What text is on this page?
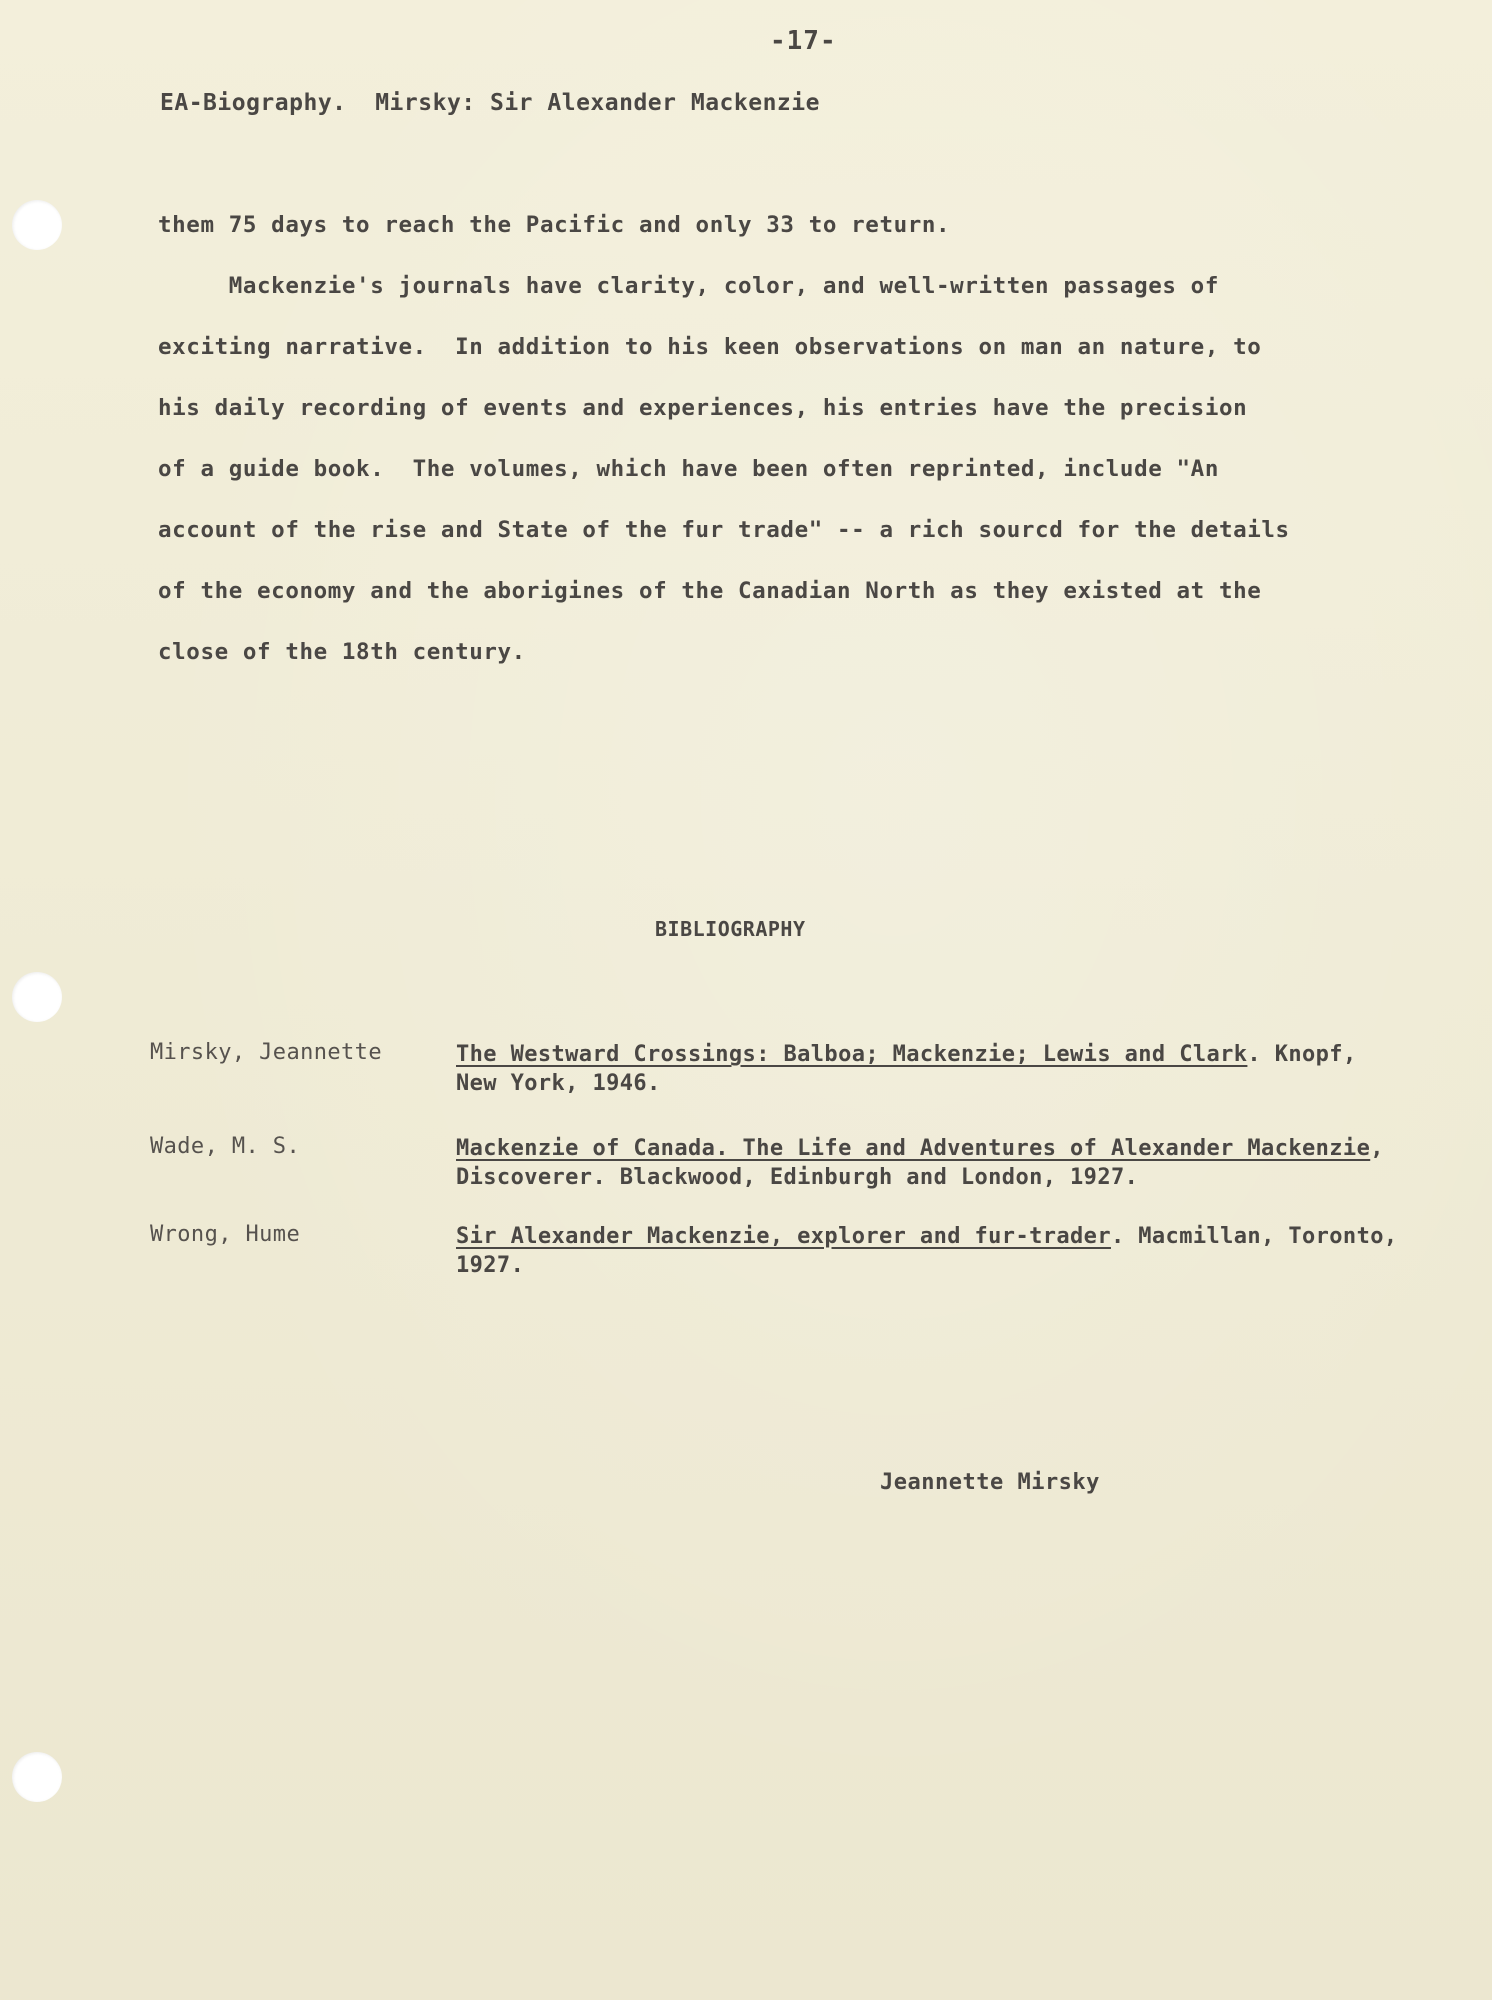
-17-
EA-Biography.  Mirsky: Sir Alexander Mackenzie
them 75 days to reach the Pacific and only 33 to return.
Mackenzie's journals have clarity, color, and well-written passages of
exciting narrative.  In addition to his keen observations on man an nature, to
his daily recording of events and experiences, his entries have the precision
of a guide book.  The volumes, which have been often reprinted, include "An
account of the rise and State of the fur trade" -- a rich sourcd for the details
of the economy and the aborigines of the Canadian North as they existed at the
close of the 18th century.
BIBLIOGRAPHY
Mirsky, Jeannette	The Westward Crossings: Balboa; Mackenzie; Lewis and Clark. Knopf, New York, 1946.
Wade, M. S.	Mackenzie of Canada. The Life and Adventures of Alexander Mackenzie, Discoverer. Blackwood, Edinburgh and London, 1927.
Wrong, Hume	Sir Alexander Mackenzie, explorer and fur-trader. Macmillan, Toronto, 1927.
Jeannette Mirsky
